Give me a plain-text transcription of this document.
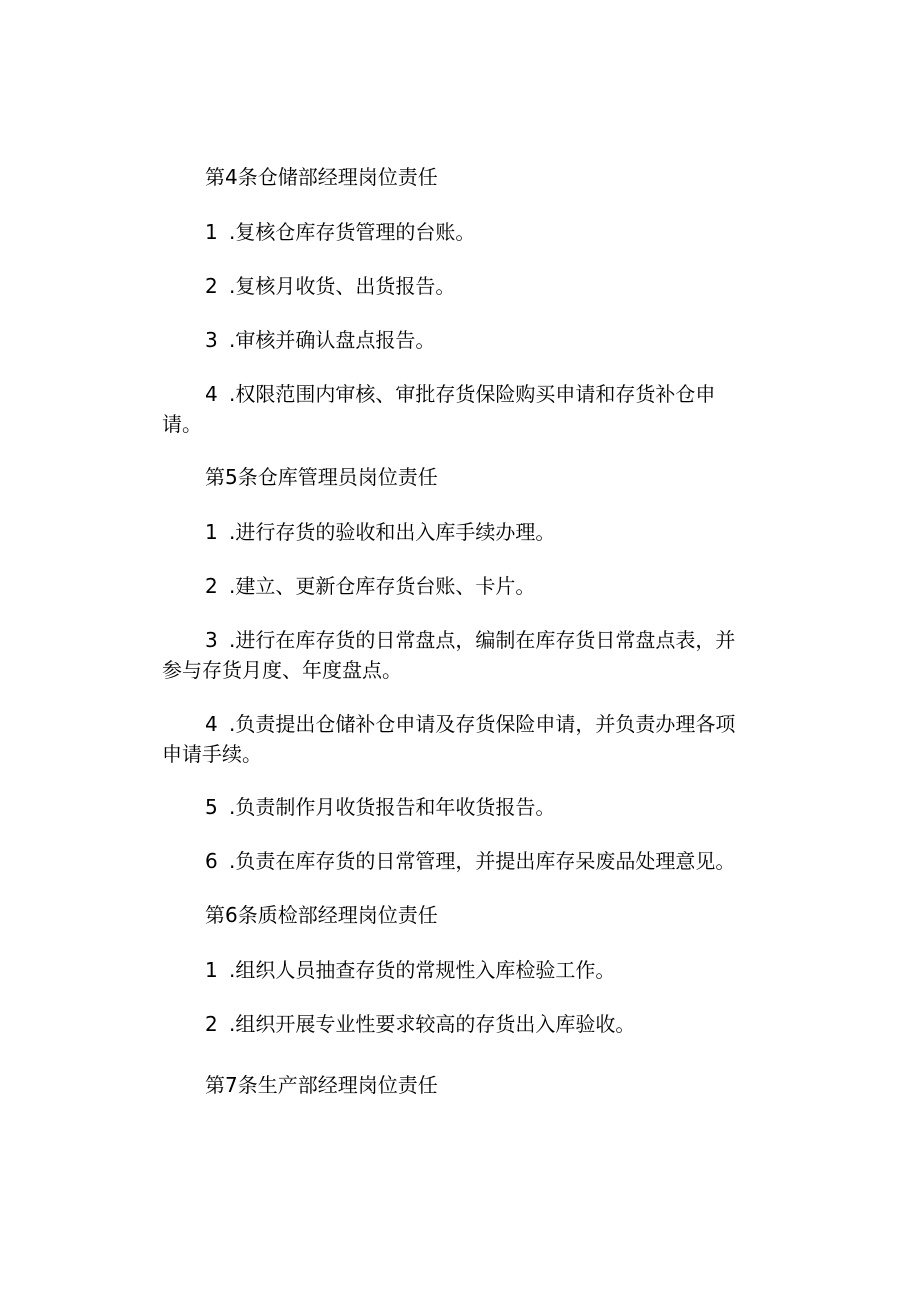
第4条仓储部经理岗位责任
1 .复核仓库存货管理的台账。
2 .复核月收货、出货报告。
3 .审核并确认盘点报告。
4 .权限范围内审核、审批存货保险购买申请和存货补仓申
请。
第5条仓库管理员岗位责任
1 .进行存货的验收和出入库手续办理。
2 .建立、更新仓库存货台账、卡片。
3 .进行在库存货的日常盘点，编制在库存货日常盘点表，并
参与存货月度、年度盘点。
4 .负责提出仓储补仓申请及存货保险申请，并负责办理各项
申请手续。
5 .负责制作月收货报告和年收货报告。
6 .负责在库存货的日常管理，并提出库存呆废品处理意见。
第6条质检部经理岗位责任
1 .组织人员抽查存货的常规性入库检验工作。
2 .组织开展专业性要求较高的存货出入库验收。
第7条生产部经理岗位责任
